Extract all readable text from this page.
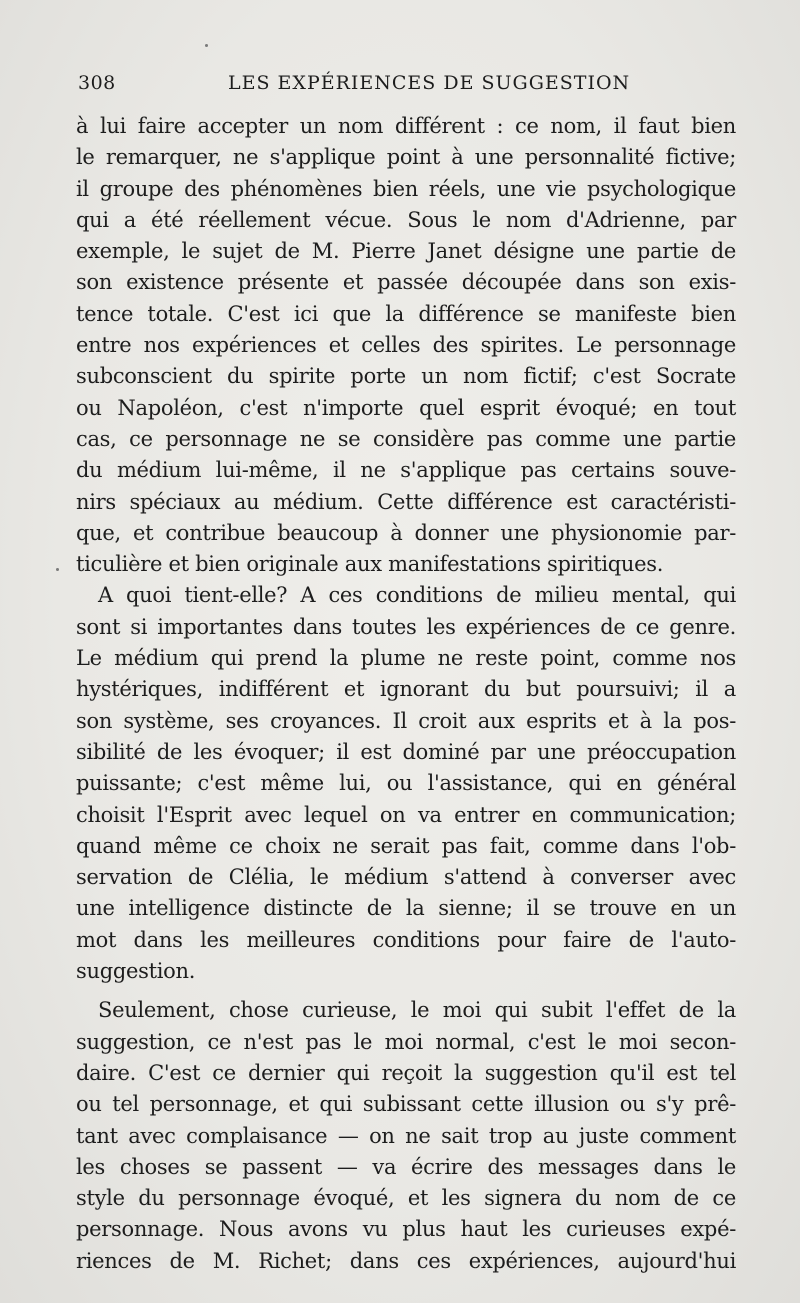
308	LES EXPÉRIENCES DE SUGGESTION
à lui faire accepter un nom différent : ce nom, il faut bien
le remarquer, ne s'applique point à une personnalité fictive;
il groupe des phénomènes bien réels, une vie psychologique
qui a été réellement vécue. Sous le nom d'Adrienne, par
exemple, le sujet de M. Pierre Janet désigne une partie de
son existence présente et passée découpée dans son exis-
tence totale. C'est ici que la différence se manifeste bien
entre nos expériences et celles des spirites. Le personnage
subconscient du spirite porte un nom fictif; c'est Socrate
ou Napoléon, c'est n'importe quel esprit évoqué; en tout
cas, ce personnage ne se considère pas comme une partie
du médium lui-même, il ne s'applique pas certains souve-
nirs spéciaux au médium. Cette différence est caractéristi-
que, et contribue beaucoup à donner une physionomie par-
ticulière et bien originale aux manifestations spiritiques.
A quoi tient-elle? A ces conditions de milieu mental, qui
sont si importantes dans toutes les expériences de ce genre.
Le médium qui prend la plume ne reste point, comme nos
hystériques, indifférent et ignorant du but poursuivi; il a
son système, ses croyances. Il croit aux esprits et à la pos-
sibilité de les évoquer; il est dominé par une préoccupation
puissante; c'est même lui, ou l'assistance, qui en général
choisit l'Esprit avec lequel on va entrer en communication;
quand même ce choix ne serait pas fait, comme dans l'ob-
servation de Clélia, le médium s'attend à converser avec
une intelligence distincte de la sienne; il se trouve en un
mot dans les meilleures conditions pour faire de l'auto-
suggestion.
Seulement, chose curieuse, le moi qui subit l'effet de la
suggestion, ce n'est pas le moi normal, c'est le moi secon-
daire. C'est ce dernier qui reçoit la suggestion qu'il est tel
ou tel personnage, et qui subissant cette illusion ou s'y prê-
tant avec complaisance — on ne sait trop au juste comment
les choses se passent — va écrire des messages dans le
style du personnage évoqué, et les signera du nom de ce
personnage. Nous avons vu plus haut les curieuses expé-
riences de M. Richet; dans ces expériences, aujourd'hui
